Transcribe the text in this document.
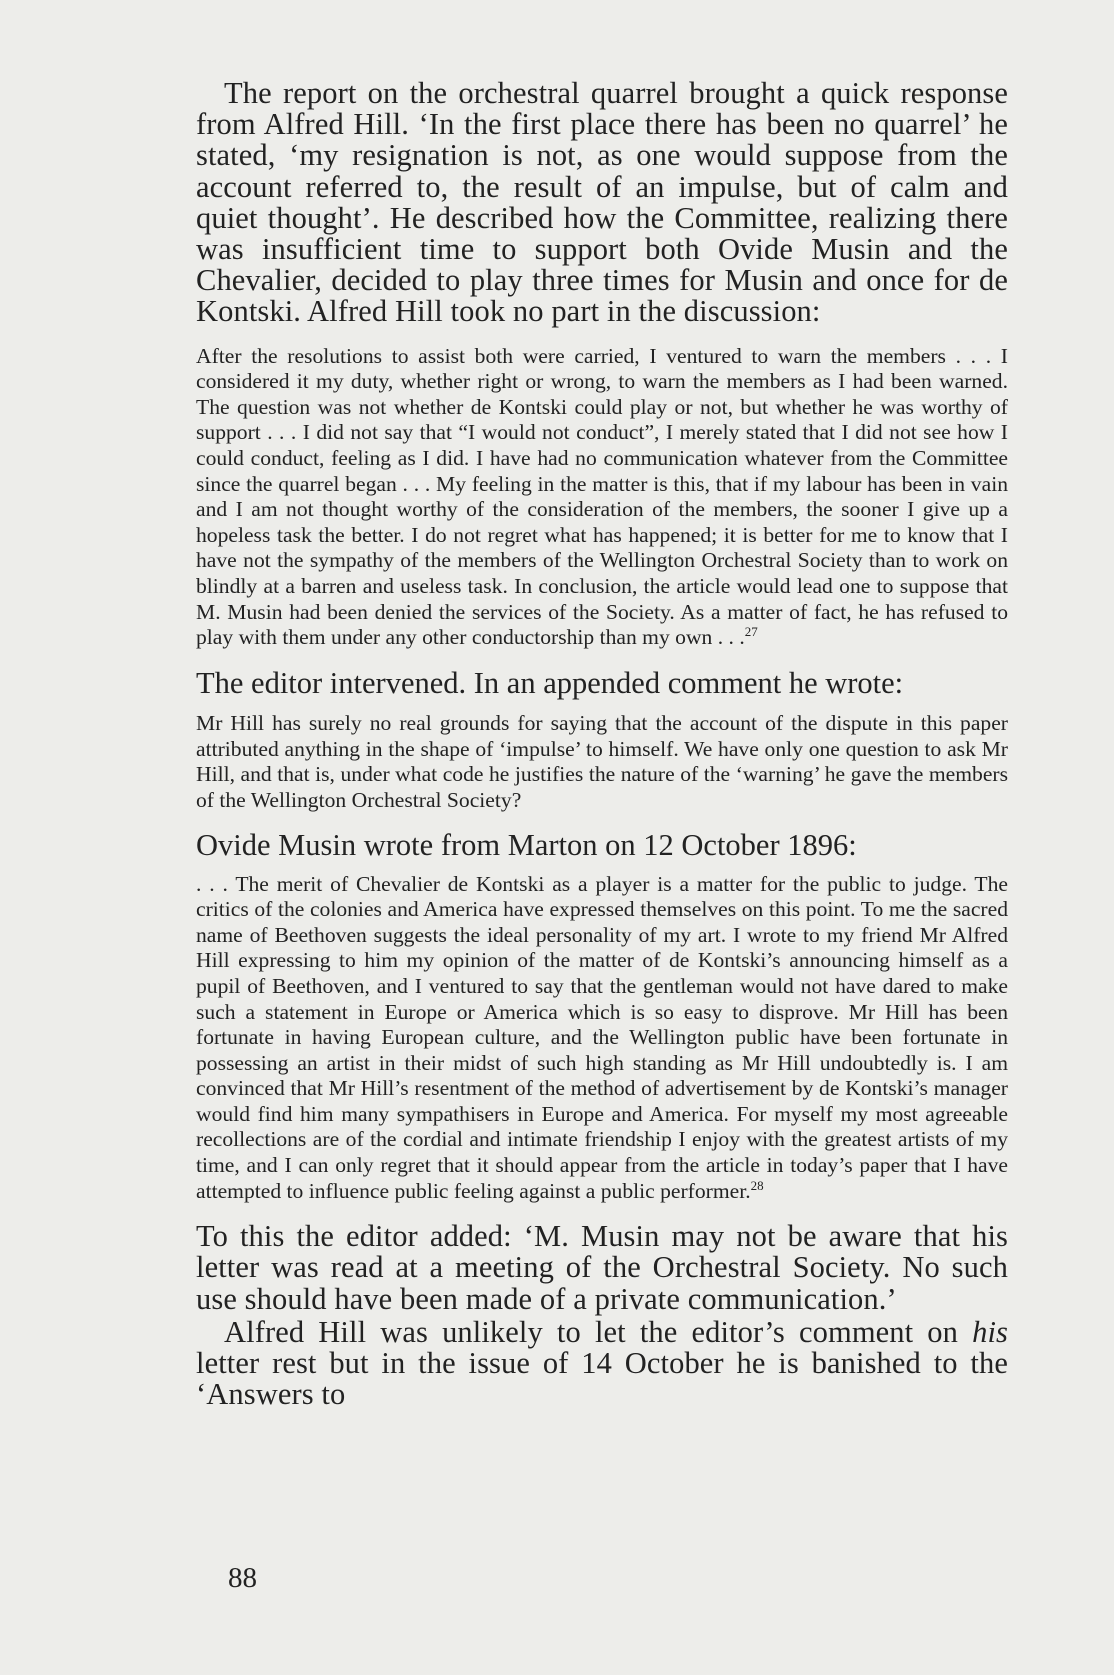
The report on the orchestral quarrel brought a quick response from Alfred Hill. ‘In the first place there has been no quarrel’ he stated, ‘my resignation is not, as one would suppose from the account referred to, the result of an impulse, but of calm and quiet thought’. He described how the Committee, realizing there was insufficient time to support both Ovide Musin and the Chevalier, decided to play three times for Musin and once for de Kontski. Alfred Hill took no part in the discussion:

After the resolutions to assist both were carried, I ventured to warn the members . . . I considered it my duty, whether right or wrong, to warn the members as I had been warned. The question was not whether de Kontski could play or not, but whether he was worthy of support . . . I did not say that “I would not conduct”, I merely stated that I did not see how I could conduct, feeling as I did. I have had no communication whatever from the Committee since the quarrel began . . . My feeling in the matter is this, that if my labour has been in vain and I am not thought worthy of the consideration of the members, the sooner I give up a hopeless task the better. I do not regret what has happened; it is better for me to know that I have not the sympathy of the members of the Wellington Orchestral Society than to work on blindly at a barren and useless task. In conclusion, the article would lead one to suppose that M. Musin had been denied the services of the Society. As a matter of fact, he has refused to play with them under any other conductorship than my own . . .$^{27}$

The editor intervened. In an appended comment he wrote:

Mr Hill has surely no real grounds for saying that the account of the dispute in this paper attributed anything in the shape of ‘impulse’ to himself. We have only one question to ask Mr Hill, and that is, under what code he justifies the nature of the ‘warning’ he gave the members of the Wellington Orchestral Society?

Ovide Musin wrote from Marton on 12 October 1896:

. . . The merit of Chevalier de Kontski as a player is a matter for the public to judge. The critics of the colonies and America have expressed themselves on this point. To me the sacred name of Beethoven suggests the ideal personality of my art. I wrote to my friend Mr Alfred Hill expressing to him my opinion of the matter of de Kontski’s announcing himself as a pupil of Beethoven, and I ventured to say that the gentleman would not have dared to make such a statement in Europe or America which is so easy to disprove. Mr Hill has been fortunate in having European culture, and the Wellington public have been fortunate in possessing an artist in their midst of such high standing as Mr Hill undoubtedly is. I am convinced that Mr Hill’s resentment of the method of advertisement by de Kontski’s manager would find him many sympathisers in Europe and America. For myself my most agreeable recollections are of the cordial and intimate friendship I enjoy with the greatest artists of my time, and I can only regret that it should appear from the article in today’s paper that I have attempted to influence public feeling against a public performer.$^{28}$

To this the editor added: ‘M. Musin may not be aware that his letter was read at a meeting of the Orchestral Society. No such use should have been made of a private communication.’

Alfred Hill was unlikely to let the editor’s comment on his letter rest but in the issue of 14 October he is banished to the ‘Answers to

88
